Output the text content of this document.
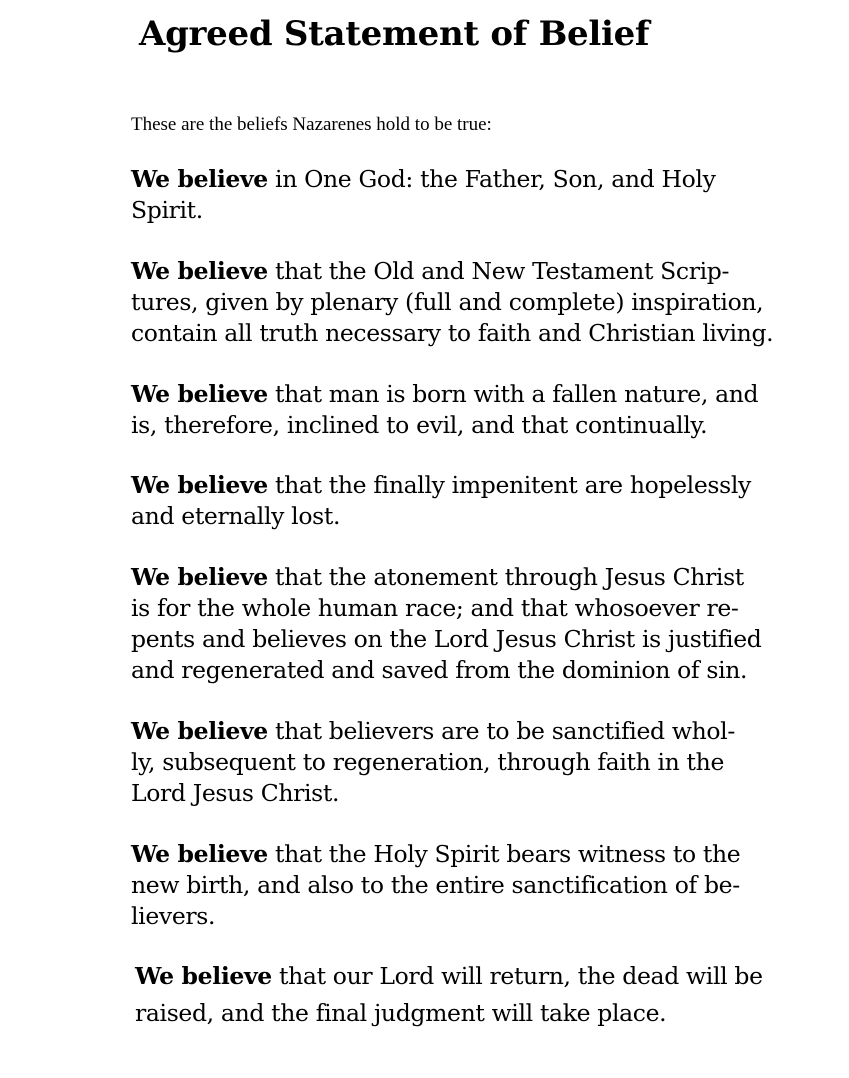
Agreed Statement of Belief

These are the beliefs Nazarenes hold to be true:

We believe in One God: the Father, Son, and Holy
Spirit.
We believe that the Old and New Testament Scrip-
tures, given by plenary (full and complete) inspiration,
contain all truth necessary to faith and Christian living.
We believe that man is born with a fallen nature, and
is, therefore, inclined to evil, and that continually.
We believe that the finally impenitent are hopelessly
and eternally lost.
We believe that the atonement through Jesus Christ
is for the whole human race; and that whosoever re-
pents and believes on the Lord Jesus Christ is justified
and regenerated and saved from the dominion of sin.
We believe that believers are to be sanctified whol-
ly, subsequent to regeneration, through faith in the
Lord Jesus Christ.
We believe that the Holy Spirit bears witness to the
new birth, and also to the entire sanctification of be-
lievers.
We believe that our Lord will return, the dead will be
raised, and the final judgment will take place.
